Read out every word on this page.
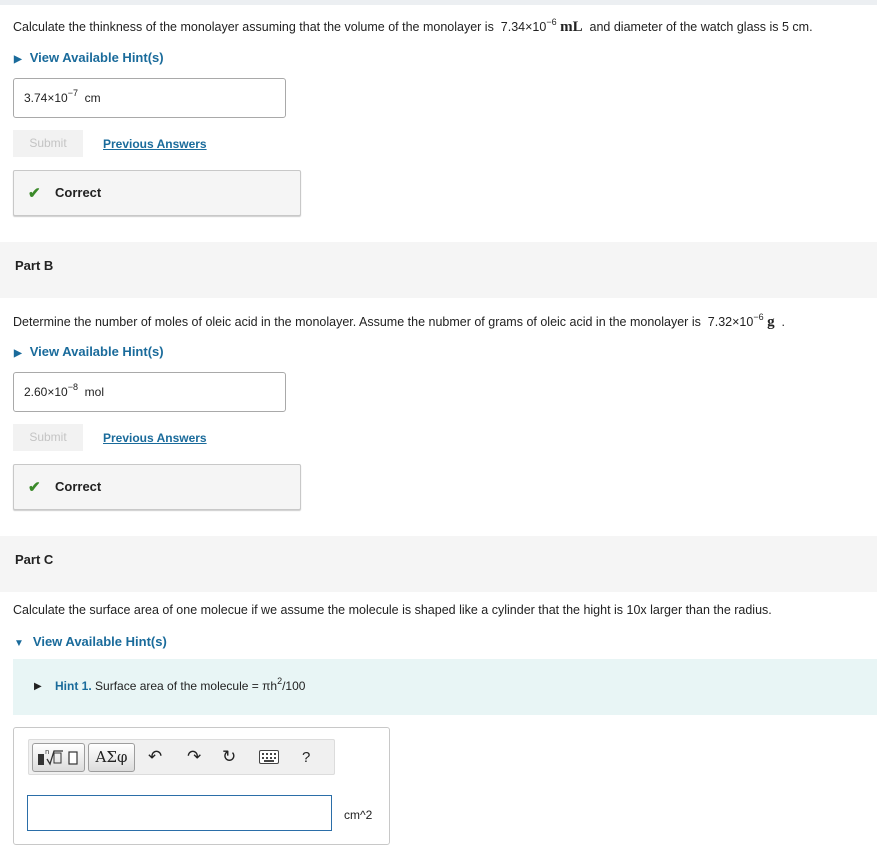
Calculate the thinkness of the monolayer assuming that the volume of the monolayer is $7.34\times 10^{-6}$ mL and diameter of the watch glass is 5 cm.
▶ View Available Hint(s)
$3.74\times 10^{-7}$ cm
Submit	Previous Answers
✔ Correct
Part B
Determine the number of moles of oleic acid in the monolayer. Assume the nubmer of grams of oleic acid in the monolayer is $7.32\times 10^{-6}$ g .
▶ View Available Hint(s)
$2.60\times 10^{-8}$ mol
Submit	Previous Answers
✔ Correct
Part C
Calculate the surface area of one molecue if we assume the molecule is shaped like a cylinder that the hight is 10x larger than the radius.
▼ View Available Hint(s)
▶ Hint 1. Surface area of the molecule = $\pi h^2/100$
n	ΑΣφ	↶ ↷ ↻	?
cm^2
